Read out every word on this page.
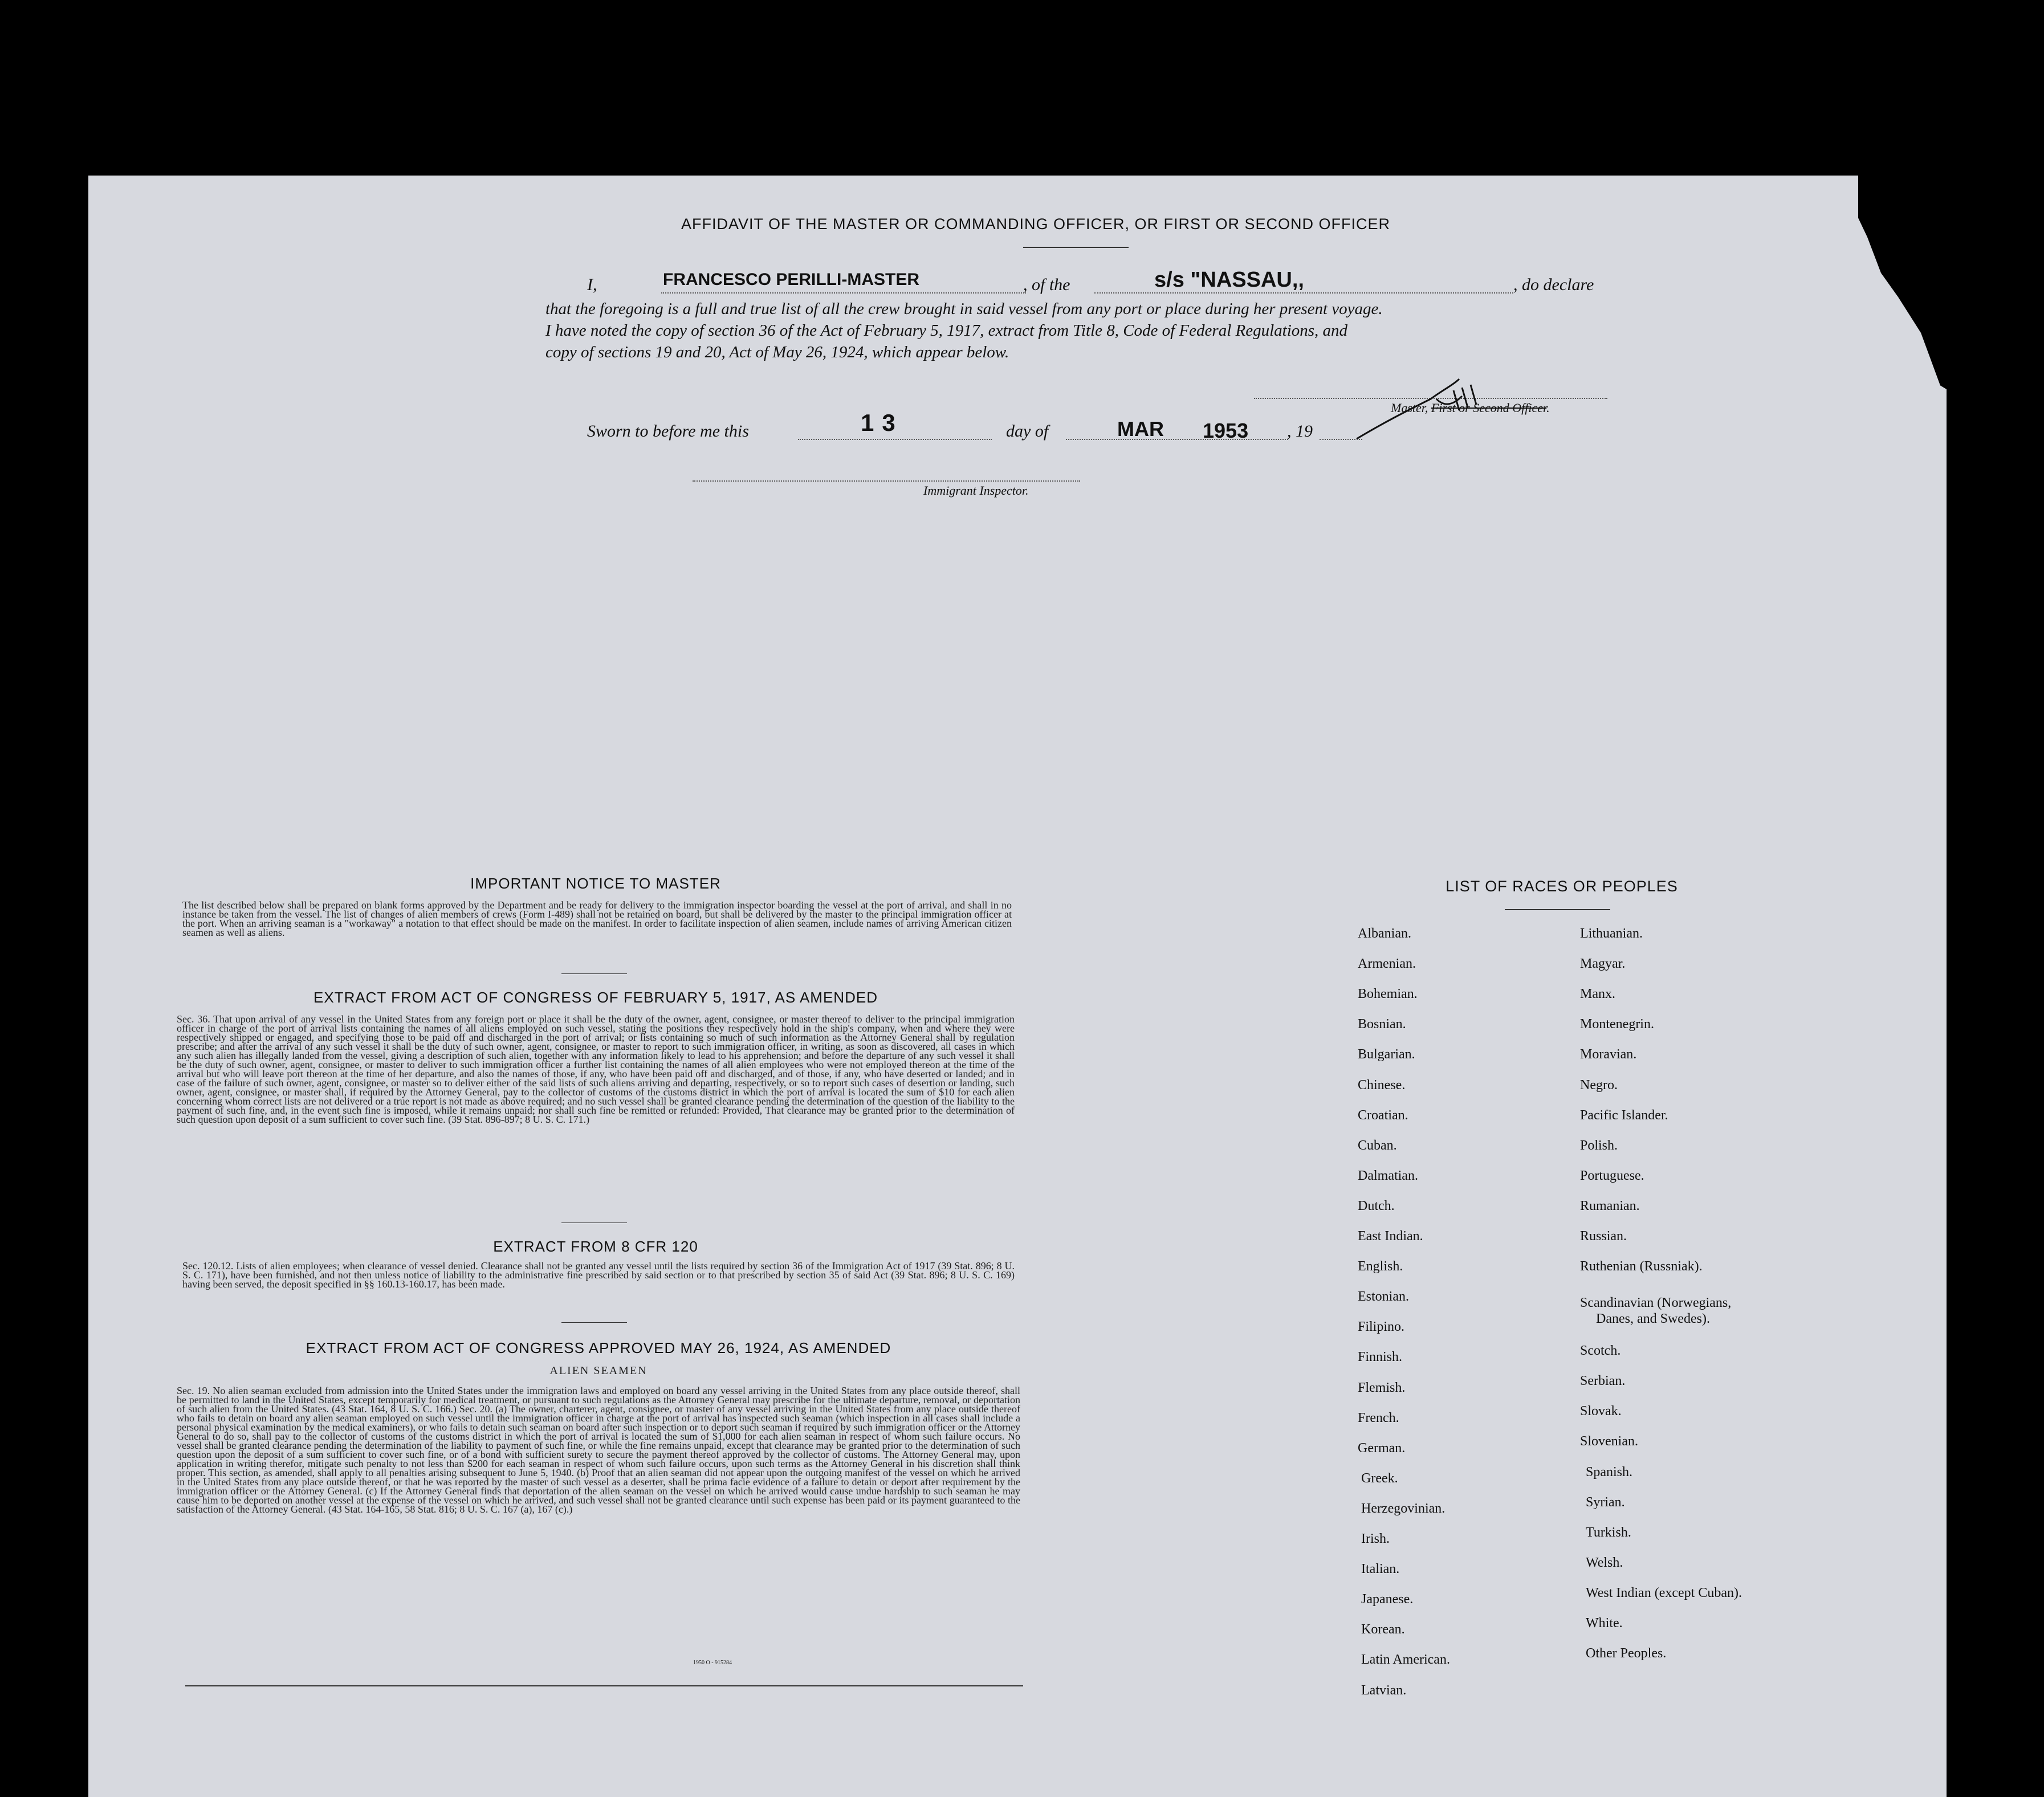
AFFIDAVIT OF THE MASTER OR COMMANDING OFFICER, OR FIRST OR SECOND OFFICER
I,	FRANCESCO PERILLI-MASTER	, of the	s/s "NASSAU,,	, do declare
that the foregoing is a full and true list of all the crew brought in said vessel from any port or place during her present voyage.
I have noted the copy of section 36 of the Act of February 5, 1917, extract from Title 8, Code of Federal Regulations, and
copy of sections 19 and 20, Act of May 26, 1924, which appear below.
Master, First or Second Officer.
Sworn to before me this	13	day of	MAR 1953 , 19
Immigrant Inspector.
IMPORTANT NOTICE TO MASTER
The list described below shall be prepared on blank forms approved by the Department and be ready for delivery to the immigration inspector boarding the vessel at the port of arrival, and shall in no instance be taken from the vessel. The list of changes of alien members of crews (Form I-489) shall not be retained on board, but shall be delivered by the master to the principal immigration officer at the port. When an arriving seaman is a "workaway" a notation to that effect should be made on the manifest. In order to facilitate inspection of alien seamen, include names of arriving American citizen seamen as well as aliens.
EXTRACT FROM ACT OF CONGRESS OF FEBRUARY 5, 1917, AS AMENDED
Sec. 36. That upon arrival of any vessel in the United States from any foreign port or place it shall be the duty of the owner, agent, consignee, or master thereof to deliver to the principal immigration officer in charge of the port of arrival lists containing the names of all aliens employed on such vessel, stating the positions they respectively hold in the ship's company, when and where they were respectively shipped or engaged, and specifying those to be paid off and discharged in the port of arrival; or lists containing so much of such information as the Attorney General shall by regulation prescribe; and after the arrival of any such vessel it shall be the duty of such owner, agent, consignee, or master to report to such immigration officer, in writing, as soon as discovered, all cases in which any such alien has illegally landed from the vessel, giving a description of such alien, together with any information likely to lead to his apprehension; and before the departure of any such vessel it shall be the duty of such owner, agent, consignee, or master to deliver to such immigration officer a further list containing the names of all alien employees who were not employed thereon at the time of the arrival but who will leave port thereon at the time of her departure, and also the names of those, if any, who have been paid off and discharged, and of those, if any, who have deserted or landed; and in case of the failure of such owner, agent, consignee, or master so to deliver either of the said lists of such aliens arriving and departing, respectively, or so to report such cases of desertion or landing, such owner, agent, consignee, or master shall, if required by the Attorney General, pay to the collector of customs of the customs district in which the port of arrival is located the sum of $10 for each alien concerning whom correct lists are not delivered or a true report is not made as above required; and no such vessel shall be granted clearance pending the determination of the question of the liability to the payment of such fine, and, in the event such fine is imposed, while it remains unpaid; nor shall such fine be remitted or refunded: Provided, That clearance may be granted prior to the determination of such question upon deposit of a sum sufficient to cover such fine. (39 Stat. 896-897; 8 U. S. C. 171.)
EXTRACT FROM 8 CFR 120
Sec. 120.12. Lists of alien employees; when clearance of vessel denied. Clearance shall not be granted any vessel until the lists required by section 36 of the Immigration Act of 1917 (39 Stat. 896; 8 U. S. C. 171), have been furnished, and not then unless notice of liability to the administrative fine prescribed by said section or to that prescribed by section 35 of said Act (39 Stat. 896; 8 U. S. C. 169) having been served, the deposit specified in §§ 160.13-160.17, has been made.
EXTRACT FROM ACT OF CONGRESS APPROVED MAY 26, 1924, AS AMENDED
ALIEN SEAMEN
Sec. 19. No alien seaman excluded from admission into the United States under the immigration laws and employed on board any vessel arriving in the United States from any place outside thereof, shall be permitted to land in the United States, except temporarily for medical treatment, or pursuant to such regulations as the Attorney General may prescribe for the ultimate departure, removal, or deportation of such alien from the United States. (43 Stat. 164, 8 U. S. C. 166.) Sec. 20. (a) The owner, charterer, agent, consignee, or master of any vessel arriving in the United States from any place outside thereof who fails to detain on board any alien seaman employed on such vessel until the immigration officer in charge at the port of arrival has inspected such seaman (which inspection in all cases shall include a personal physical examination by the medical examiners), or who fails to detain such seaman on board after such inspection or to deport such seaman if required by such immigration officer or the Attorney General to do so, shall pay to the collector of customs of the customs district in which the port of arrival is located the sum of $1,000 for each alien seaman in respect of whom such failure occurs. No vessel shall be granted clearance pending the determination of the liability to payment of such fine, or while the fine remains unpaid, except that clearance may be granted prior to the determination of such question upon the deposit of a sum sufficient to cover such fine, or of a bond with sufficient surety to secure the payment thereof approved by the collector of customs. The Attorney General may, upon application in writing therefor, mitigate such penalty to not less than $200 for each seaman in respect of whom such failure occurs, upon such terms as the Attorney General in his discretion shall think proper. This section, as amended, shall apply to all penalties arising subsequent to June 5, 1940. (b) Proof that an alien seaman did not appear upon the outgoing manifest of the vessel on which he arrived in the United States from any place outside thereof, or that he was reported by the master of such vessel as a deserter, shall be prima facie evidence of a failure to detain or deport after requirement by the immigration officer or the Attorney General. (c) If the Attorney General finds that deportation of the alien seaman on the vessel on which he arrived would cause undue hardship to such seaman he may cause him to be deported on another vessel at the expense of the vessel on which he arrived, and such vessel shall not be granted clearance until such expense has been paid or its payment guaranteed to the satisfaction of the Attorney General. (43 Stat. 164-165, 58 Stat. 816; 8 U. S. C. 167 (a), 167 (c).)
1950 O - 915284
LIST OF RACES OR PEOPLES
Albanian.
Armenian.
Bohemian.
Bosnian.
Bulgarian.
Chinese.
Croatian.
Cuban.
Dalmatian.
Dutch.
East Indian.
English.
Estonian.
Filipino.
Finnish.
Flemish.
French.
German.
Greek.
Herzegovinian.
Irish.
Italian.
Japanese.
Korean.
Latin American.
Latvian.
Lithuanian.
Magyar.
Manx.
Montenegrin.
Moravian.
Negro.
Pacific Islander.
Polish.
Portuguese.
Rumanian.
Russian.
Ruthenian (Russniak).
Scandinavian (Norwegians,
Danes, and Swedes).
Scotch.
Serbian.
Slovak.
Slovenian.
Spanish.
Syrian.
Turkish.
Welsh.
West Indian (except Cuban).
White.
Other Peoples.
